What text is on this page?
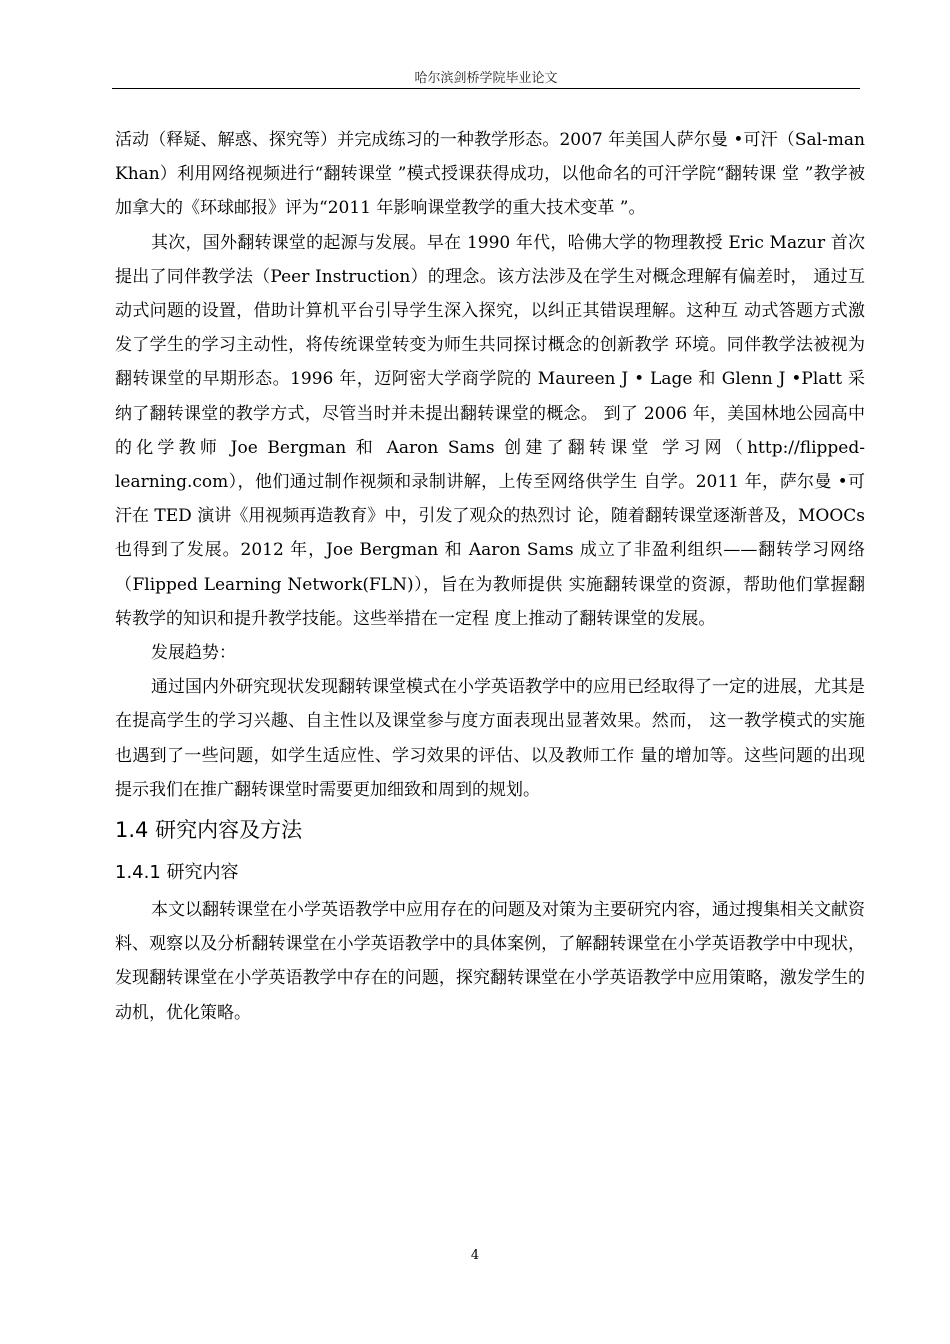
哈尔滨剑桥学院毕业论文

活动（释疑、解惑、探究等）并完成练习的一种教学形态。2007 年美国人萨尔曼 •可汗（Sal-man Khan）利用网络视频进行“翻转课堂 ”模式授课获得成功，以他命名的可汗学院“翻转课 堂 ”教学被加拿大的《环球邮报》评为“2011 年影响课堂教学的重大技术变革 ”。

其次，国外翻转课堂的起源与发展。早在 1990 年代，哈佛大学的物理教授 Eric Mazur 首次提出了同伴教学法（Peer Instruction）的理念。该方法涉及在学生对概念理解有偏差时， 通过互动式问题的设置，借助计算机平台引导学生深入探究，以纠正其错误理解。这种互 动式答题方式激发了学生的学习主动性，将传统课堂转变为师生共同探讨概念的创新教学 环境。同伴教学法被视为翻转课堂的早期形态。1996 年，迈阿密大学商学院的 Maureen J • Lage 和 Glenn J •Platt 采纳了翻转课堂的教学方式，尽管当时并未提出翻转课堂的概念。 到了 2006 年，美国林地公园高中的化学教师 Joe Bergman 和 Aaron Sams 创建了翻转课堂 学习网（http://flipped-learning.com），他们通过制作视频和录制讲解，上传至网络供学生 自学。2011 年，萨尔曼 •可汗在 TED 演讲《用视频再造教育》中，引发了观众的热烈讨 论，随着翻转课堂逐渐普及，MOOCs 也得到了发展。2012 年，Joe Bergman 和 Aaron Sams 成立了非盈利组织——翻转学习网络（Flipped Learning Network(FLN)），旨在为教师提供 实施翻转课堂的资源，帮助他们掌握翻转教学的知识和提升教学技能。这些举措在一定程 度上推动了翻转课堂的发展。

发展趋势：

通过国内外研究现状发现翻转课堂模式在小学英语教学中的应用已经取得了一定的进展，尤其是在提高学生的学习兴趣、自主性以及课堂参与度方面表现出显著效果。然而， 这一教学模式的实施也遇到了一些问题，如学生适应性、学习效果的评估、以及教师工作 量的增加等。这些问题的出现提示我们在推广翻转课堂时需要更加细致和周到的规划。

1.4 研究内容及方法
1.4.1 研究内容

本文以翻转课堂在小学英语教学中应用存在的问题及对策为主要研究内容，通过搜集相关文献资料、观察以及分析翻转课堂在小学英语教学中的具体案例，了解翻转课堂在小学英语教学中中现状，发现翻转课堂在小学英语教学中存在的问题，探究翻转课堂在小学英语教学中应用策略，激发学生的动机，优化策略。

4
